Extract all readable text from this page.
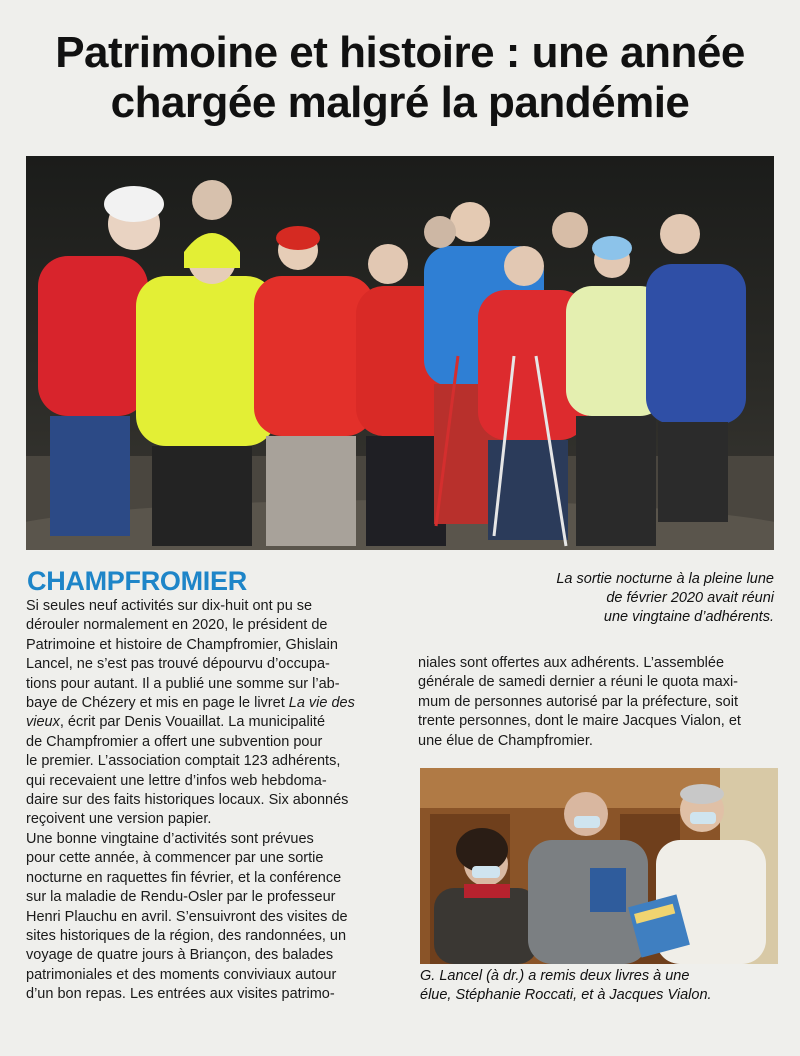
Patrimoine et histoire : une année
chargée malgré la pandémie
CHAMPFROMIER	La sortie nocturne à la pleine lune
de février 2020 avait réuni
une vingtaine d’adhérents.
Si seules neuf activités sur dix-huit ont pu se
dérouler normalement en 2020, le président de
Patrimoine et histoire de Champfromier, Ghislain
Lancel, ne s’est pas trouvé dépourvu d’occupa-
tions pour autant. Il a publié une somme sur l’ab-
baye de Chézery et mis en page le livret La vie des
vieux, écrit par Denis Vouaillat. La municipalité
de Champfromier a offert une subvention pour
le premier. L’association comptait 123 adhérents,
qui recevaient une lettre d’infos web hebdoma-
daire sur des faits historiques locaux. Six abonnés
reçoivent une version papier.
Une bonne vingtaine d’activités sont prévues
pour cette année, à commencer par une sortie
nocturne en raquettes fin février, et la conférence
sur la maladie de Rendu-Osler par le professeur
Henri Plauchu en avril. S’ensuivront des visites de
sites historiques de la région, des randonnées, un
voyage de quatre jours à Briançon, des balades
patrimoniales et des moments conviviaux autour
d’un bon repas. Les entrées aux visites patrimo-
niales sont offertes aux adhérents. L’assemblée
générale de samedi dernier a réuni le quota maxi-
mum de personnes autorisé par la préfecture, soit
trente personnes, dont le maire Jacques Vialon, et
une élue de Champfromier.
G. Lancel (à dr.) a remis deux livres à une
élue, Stéphanie Roccati, et à Jacques Vialon.
